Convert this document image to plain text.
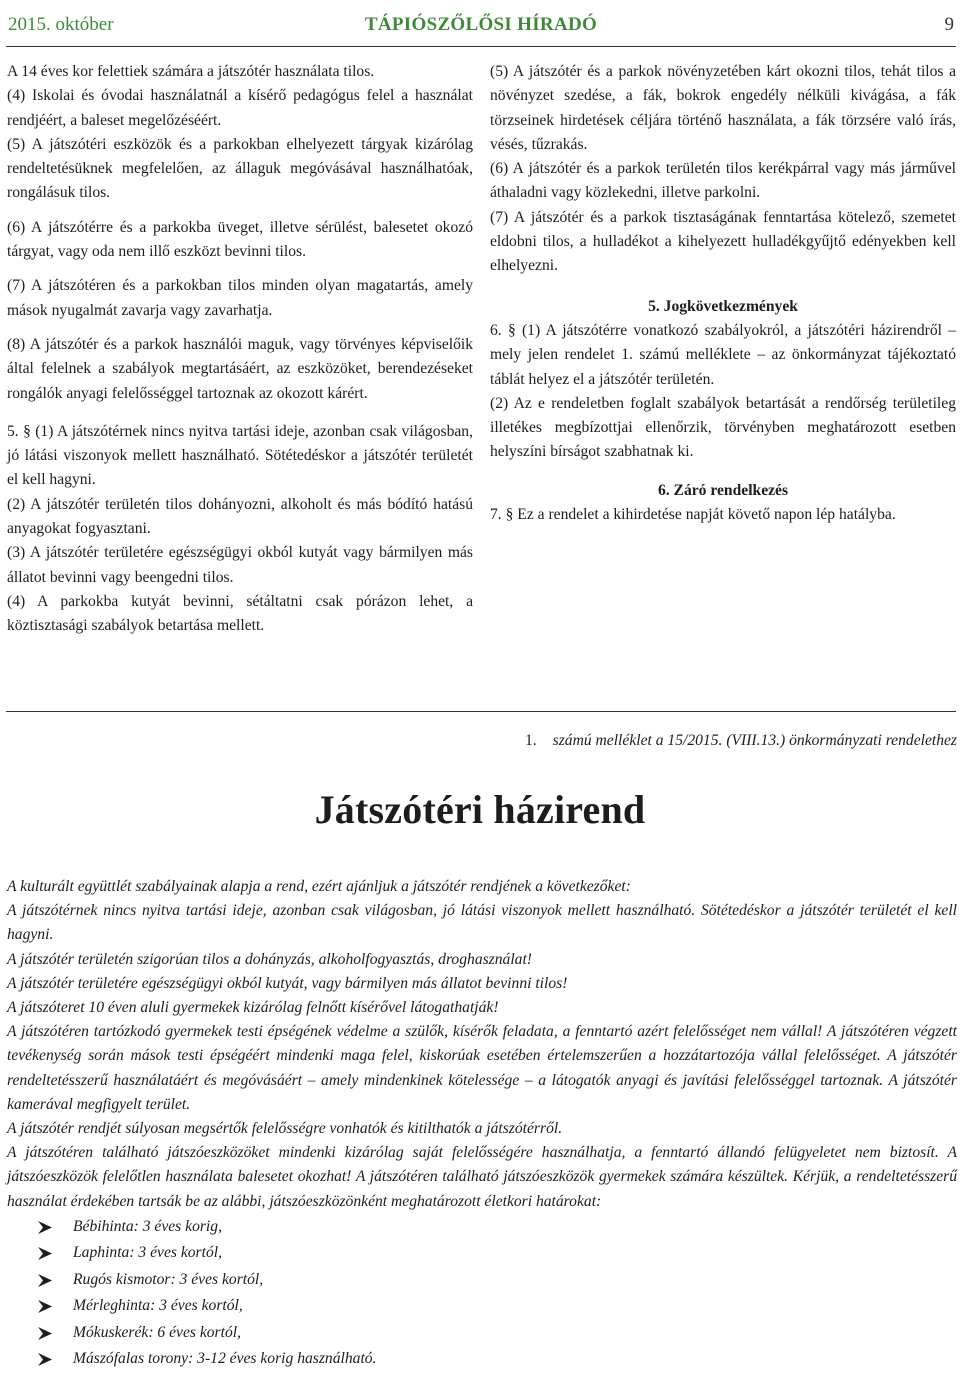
2015. október	TÁPIÓSZŐLŐSI HÍRADÓ	9

A 14 éves kor felettiek számára a játszótér használata tilos.

(4) Iskolai és óvodai használatnál a kísérő pedagógus felel a használat rendjéért, a baleset megelőzéséért.

(5) A játszótéri eszközök és a parkokban elhelyezett tárgyak kizárólag rendeltetésüknek megfelelően, az állaguk megóvásával használhatóak, rongálásuk tilos.

(6) A játszótérre és a parkokba üveget, illetve sérülést, balesetet okozó tárgyat, vagy oda nem illő eszközt bevinni tilos.

(7) A játszótéren és a parkokban tilos minden olyan magatartás, amely mások nyugalmát zavarja vagy zavarhatja.

(8) A játszótér és a parkok használói maguk, vagy törvényes képviselőik által felelnek a szabályok megtartásáért, az eszközöket, berendezéseket rongálók anyagi felelősséggel tartoznak az okozott kárért.

5. § (1) A játszótérnek nincs nyitva tartási ideje, azonban csak világosban, jó látási viszonyok mellett használható. Sötétedéskor a játszótér területét el kell hagyni.

(2) A játszótér területén tilos dohányozni, alkoholt és más bódító hatású anyagokat fogyasztani.

(3) A játszótér területére egészségügyi okból kutyát vagy bármilyen más állatot bevinni vagy beengedni tilos.

(4) A parkokba kutyát bevinni, sétáltatni csak pórázon lehet, a köztisztasági szabályok betartása mellett.

(5) A játszótér és a parkok növényzetében kárt okozni tilos, tehát tilos a növényzet szedése, a fák, bokrok engedély nélküli kivágása, a fák törzseinek hirdetések céljára történő használata, a fák törzsére való írás, vésés, tűzrakás.

(6) A játszótér és a parkok területén tilos kerékpárral vagy más járművel áthaladni vagy közlekedni, illetve parkolni.

(7) A játszótér és a parkok tisztaságának fenntartása kötelező, szemetet eldobni tilos, a hulladékot a kihelyezett hulladékgyűjtő edényekben kell elhelyezni.

5. Jogkövetkezmények

6. § (1) A játszótérre vonatkozó szabályokról, a játszótéri házirendről – mely jelen rendelet 1. számú melléklete – az önkormányzat tájékoztató táblát helyez el a játszótér területén.

(2) Az e rendeletben foglalt szabályok betartását a rendőrség területileg illetékes megbízottjai ellenőrzik, törvényben meghatározott esetben helyszíni bírságot szabhatnak ki.

6. Záró rendelkezés

7. § Ez a rendelet a kihirdetése napját követő napon lép hatályba.

1. számú melléklet a 15/2015. (VIII.13.) önkormányzati rendelethez
Játszótéri házirend

A kulturált együttlét szabályainak alapja a rend, ezért ajánljuk a játszótér rendjének a következőket:

A játszótérnek nincs nyitva tartási ideje, azonban csak világosban, jó látási viszonyok mellett használható. Sötétedéskor a játszótér területét el kell hagyni.

A játszótér területén szigorúan tilos a dohányzás, alkoholfogyasztás, droghasználat!

A játszótér területére egészségügyi okból kutyát, vagy bármilyen más állatot bevinni tilos!

A játszóteret 10 éven aluli gyermekek kizárólag felnőtt kísérővel látogathatják!

A játszótéren tartózkodó gyermekek testi épségének védelme a szülők, kísérők feladata, a fenntartó azért felelősséget nem vállal! A játszótéren végzett tevékenység során mások testi épségéért mindenki maga felel, kiskorúak esetében értelemszerűen a hozzátartozója vállal felelősséget. A játszótér rendeltetésszerű használatáért és megóvásáért – amely mindenkinek kötelessége – a látogatók anyagi és javítási felelősséggel tartoznak. A játszótér kamerával megfigyelt terület.

A játszótér rendjét súlyosan megsértők felelősségre vonhatók és kitilthatók a játszótérről.

A játszótéren található játszóeszközöket mindenki kizárólag saját felelősségére használhatja, a fenntartó állandó felügyeletet nem biztosít. A játszóeszközök felelőtlen használata balesetet okozhat! A játszótéren található játszóeszközök gyermekek számára készültek. Kérjük, a rendeltetésszerű használat érdekében tartsák be az alábbi, játszóeszközönként meghatározott életkori határokat:

Bébihinta: 3 éves korig,
Laphinta: 3 éves kortól,
Rugós kismotor: 3 éves kortól,
Mérleghinta: 3 éves kortól,
Mókuskerék: 6 éves kortól,
Mászófalas torony: 3-12 éves korig használható.
